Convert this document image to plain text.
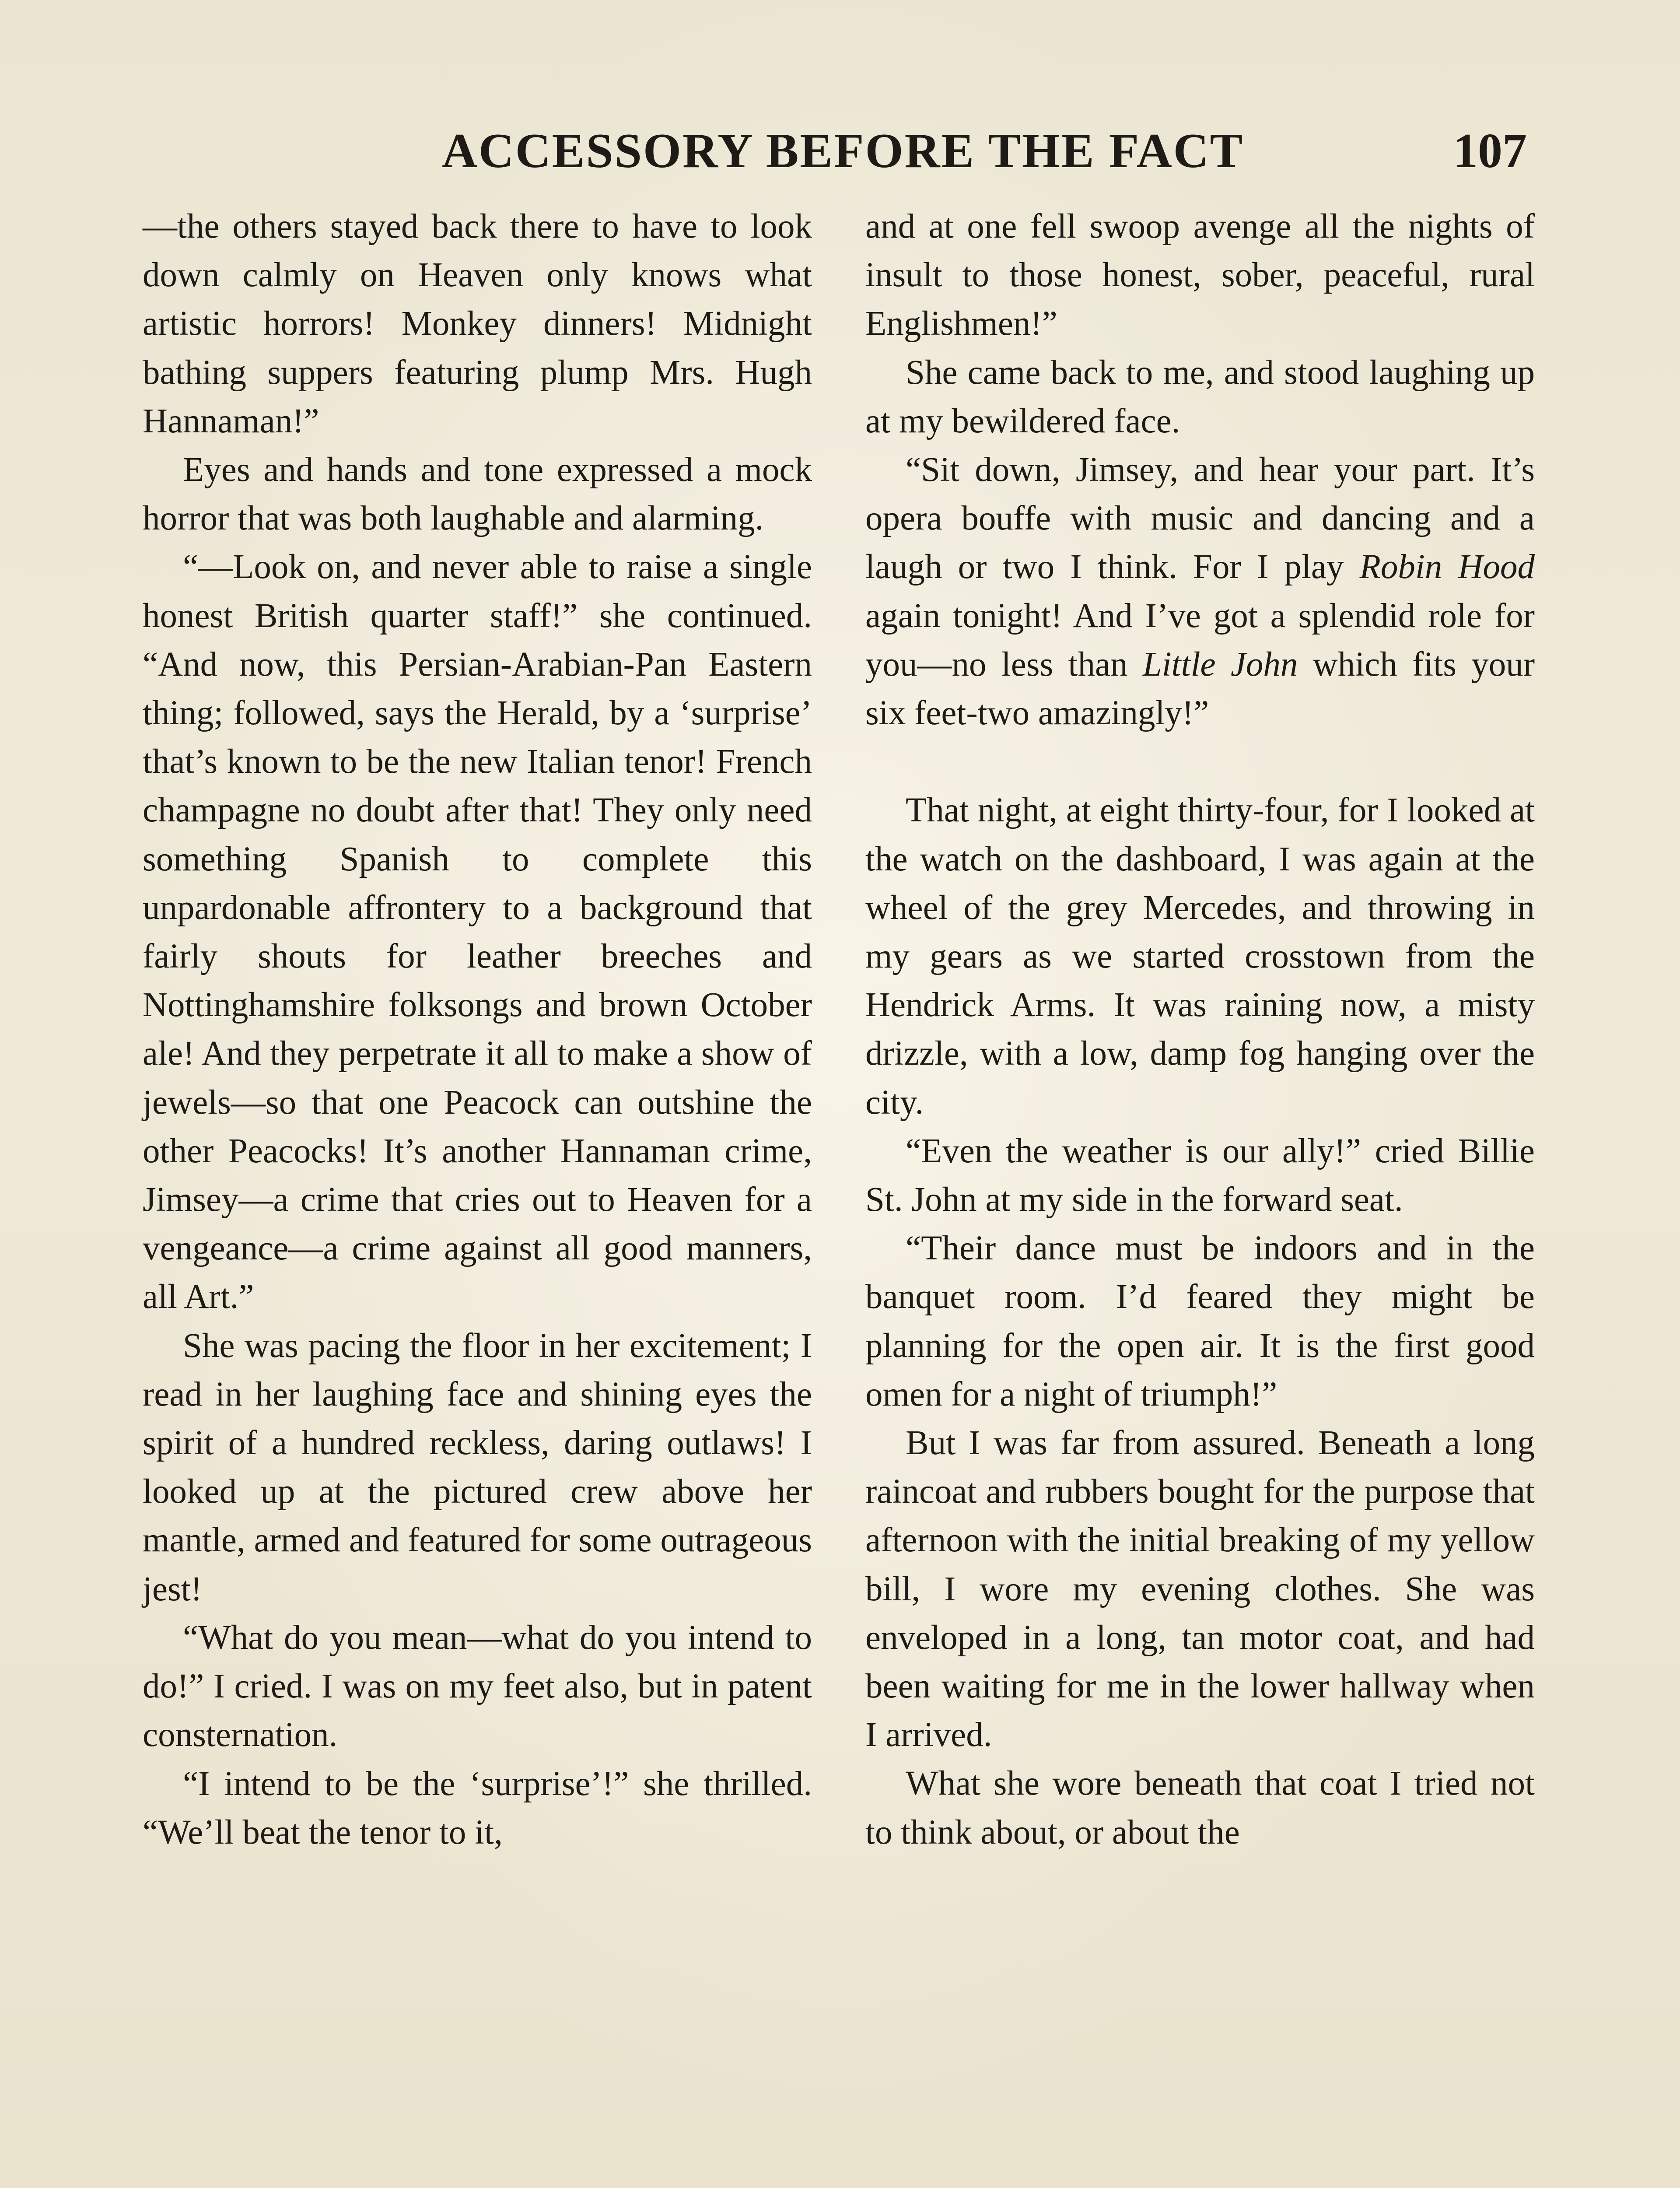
ACCESSORY BEFORE THE FACT	107

—the others stayed back there to have to look down calmly on Heaven only knows what artistic horrors! Monkey dinners! Midnight bathing suppers featuring plump Mrs. Hugh Hannaman!”

Eyes and hands and tone expressed a mock horror that was both laughable and alarming.

“—Look on, and never able to raise a single honest British quarter staff!” she continued. “And now, this Persian-Arabian-Pan Eastern thing; followed, says the Herald, by a ‘surprise’ that’s known to be the new Italian tenor! French champagne no doubt after that! They only need something Spanish to complete this unpardonable affrontery to a background that fairly shouts for leather breeches and Nottinghamshire folksongs and brown October ale! And they perpetrate it all to make a show of jewels—so that one Peacock can outshine the other Peacocks! It’s another Hannaman crime, Jimsey—a crime that cries out to Heaven for a vengeance—a crime against all good manners, all Art.”

She was pacing the floor in her excitement; I read in her laughing face and shining eyes the spirit of a hundred reckless, daring outlaws! I looked up at the pictured crew above her mantle, armed and featured for some outrageous jest!

“What do you mean—what do you intend to do!” I cried. I was on my feet also, but in patent consternation.

“I intend to be the ‘surprise’!” she thrilled. “We’ll beat the tenor to it,

and at one fell swoop avenge all the nights of insult to those honest, sober, peaceful, rural Englishmen!”

She came back to me, and stood laughing up at my bewildered face.

“Sit down, Jimsey, and hear your part. It’s opera bouffe with music and dancing and a laugh or two I think. For I play Robin Hood again tonight! And I’ve got a splendid role for you—no less than Little John which fits your six feet-two amazingly!”

That night, at eight thirty-four, for I looked at the watch on the dashboard, I was again at the wheel of the grey Mercedes, and throwing in my gears as we started crosstown from the Hendrick Arms. It was raining now, a misty drizzle, with a low, damp fog hanging over the city.

“Even the weather is our ally!” cried Billie St. John at my side in the forward seat.

“Their dance must be indoors and in the banquet room. I’d feared they might be planning for the open air. It is the first good omen for a night of triumph!”

But I was far from assured. Beneath a long raincoat and rubbers bought for the purpose that afternoon with the initial breaking of my yellow bill, I wore my evening clothes. She was enveloped in a long, tan motor coat, and had been waiting for me in the lower hallway when I arrived.

What she wore beneath that coat I tried not to think about, or about the
